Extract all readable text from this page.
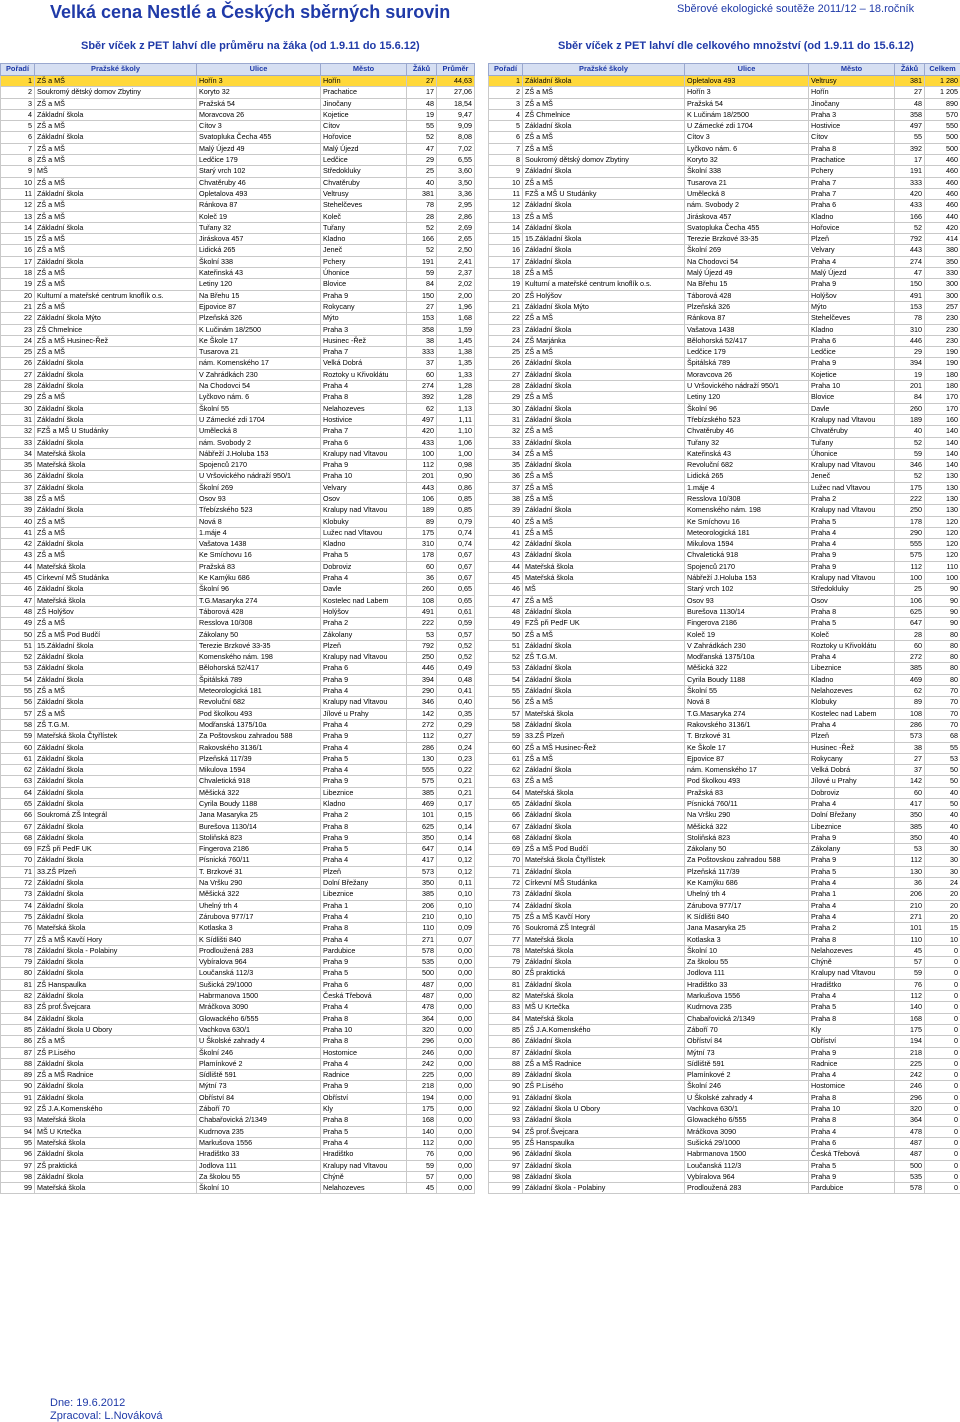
Velká cena Nestlé a Českých sběrných surovin	Sběrové ekologické soutěže 2011/12 – 18.ročník
Sběr víček z PET lahví dle průměru na žáka (od 1.9.11 do 15.6.12)	Sběr víček z PET lahví dle celkového množství (od 1.9.11 do 15.6.12)
Pořadí	Pražské školy	Ulice	Město	Žáků	Průměr
1	ZŠ a MŠ	Hořín 3	Hořín	27	44,63
2	Soukromý dětský domov Zbytiny	Koryto 32	Prachatice	17	27,06
3	ZŠ a MŠ	Pražská 54	Jinočany	48	18,54
4	Základní škola	Moravcova 26	Kojetice	19	9,47
5	ZŠ a MŠ	Cítov 3	Cítov	55	9,09
6	Základní škola	Svatopluka Čecha 455	Hořovice	52	8,08
7	ZŠ a MŠ	Malý Újezd 49	Malý Újezd	47	7,02
8	ZŠ a MŠ	Ledčice 179	Ledčice	29	6,55
9	MŠ	Starý vrch 102	Středokluky	25	3,60
10	ZŠ a MŠ	Chvatěruby 46	Chvatěruby	40	3,50
11	Základní škola	Opletalova 493	Veltrusy	381	3,36
12	ZŠ a MŠ	Ránkova 87	Stehelčeves	78	2,95
13	ZŠ a MŠ	Koleč 19	Koleč	28	2,86
14	Základní škola	Tuřany 32	Tuřany	52	2,69
15	ZŠ a MŠ	Jiráskova 457	Kladno	166	2,65
16	ZŠ a MŠ	Lidická 265	Jeneč	52	2,50
17	Základní škola	Školní 338	Pchery	191	2,41
18	ZŠ a MŠ	Kateřinská 43	Úhonice	59	2,37
19	ZŠ a MŠ	Letiny 120	Blovice	84	2,02
20	Kulturní a mateřské centrum knoflík o.s.	Na Břehu 15	Praha 9	150	2,00
21	ZŠ a MŠ	Ejpovice 87	Rokycany	27	1,96
22	Základní škola Mýto	Plzeňská 326	Mýto	153	1,68
23	ZŠ Chmelnice	K Lučinám 18/2500	Praha 3	358	1,59
24	ZŠ a MŠ Husinec-Řež	Ke Škole 17	Husinec -Řež	38	1,45
25	ZŠ a MŠ	Tusarova 21	Praha 7	333	1,38
26	Základní škola	nám. Komenského 17	Velká Dobrá	37	1,35
27	Základní škola	V Zahrádkách 230	Roztoky u Křivoklátu	60	1,33
28	Základní škola	Na Chodovci 54	Praha 4	274	1,28
29	ZŠ a MŠ	Lyčkovo nám. 6	Praha 8	392	1,28
30	Základní škola	Školní 55	Nelahozeves	62	1,13
31	Základní škola	U Zámecké zdi 1704	Hostivice	497	1,11
32	FZŠ a MŠ U Studánky	Umělecká 8	Praha 7	420	1,10
33	Základní škola	nám. Svobody 2	Praha 6	433	1,06
34	Mateřská škola	Nábřeží J.Holuba 153	Kralupy nad Vltavou	100	1,00
35	Mateřská škola	Spojenců 2170	Praha 9	112	0,98
36	Základní škola	U Vršovického nádraží 950/1	Praha 10	201	0,90
37	Základní škola	Školní 269	Velvary	443	0,86
38	ZŠ a MŠ	Osov 93	Osov	106	0,85
39	Základní škola	Třebízského 523	Kralupy nad Vltavou	189	0,85
40	ZŠ a MŠ	Nová 8	Klobuky	89	0,79
41	ZŠ a MŠ	1.máje 4	Lužec nad Vltavou	175	0,74
42	Základní škola	Vašatova 1438	Kladno	310	0,74
43	ZŠ a MŠ	Ke Smíchovu 16	Praha 5	178	0,67
44	Mateřská škola	Pražská 83	Dobroviz	60	0,67
45	Církevní MŠ Studánka	Ke Kamýku 686	Praha 4	36	0,67
46	Základní škola	Školní 96	Davle	260	0,65
47	Mateřská škola	T.G.Masaryka 274	Kostelec nad Labem	108	0,65
48	ZŠ Holýšov	Táborová 428	Holýšov	491	0,61
49	ZŠ a MŠ	Resslova 10/308	Praha 2	222	0,59
50	ZŠ a MŠ Pod Budčí	Zákolany 50	Zákolany	53	0,57
51	15.Základní škola	Terezie Brzkové 33-35	Plzeň	792	0,52
52	Základní škola	Komenského nám. 198	Kralupy nad Vltavou	250	0,52
53	Základní škola	Bělohorská 52/417	Praha 6	446	0,49
54	Základní škola	Špitálská 789	Praha 9	394	0,48
55	ZŠ a MŠ	Meteorologická 181	Praha 4	290	0,41
56	Základní škola	Revoluční 682	Kralupy nad Vltavou	346	0,40
57	ZŠ a MŠ	Pod školkou 493	Jílové u Prahy	142	0,35
58	ZŠ T.G.M.	Modřanská 1375/10a	Praha 4	272	0,29
59	Mateřská škola Čtyřlístek	Za Poštovskou zahradou 588	Praha 9	112	0,27
60	Základní škola	Rakovského 3136/1	Praha 4	286	0,24
61	Základní škola	Plzeňská 117/39	Praha 5	130	0,23
62	Základní škola	Mikulova 1594	Praha 4	555	0,22
63	Základní škola	Chvaletická 918	Praha 9	575	0,21
64	Základní škola	Měšická 322	Libeznice	385	0,21
65	Základní škola	Cyrila Boudy 1188	Kladno	469	0,17
66	Soukromá ZŠ Integrál	Jana Masaryka 25	Praha 2	101	0,15
67	Základní škola	Burešova 1130/14	Praha 8	625	0,14
68	Základní škola	Stoliňská 823	Praha 9	350	0,14
69	FZŠ při PedF UK	Fingerova 2186	Praha 5	647	0,14
70	Základní škola	Písnická 760/11	Praha 4	417	0,12
71	33.ZŠ Plzeň	T. Brzkové 31	Plzeň	573	0,12
72	Základní škola	Na Vršku 290	Dolní Břežany	350	0,11
73	Základní škola	Měšická 322	Libeznice	385	0,10
74	Základní škola	Uhelný trh 4	Praha 1	206	0,10
75	Základní škola	Zárubova 977/17	Praha 4	210	0,10
76	Mateřská škola	Kotlaska 3	Praha 8	110	0,09
77	ZŠ a MŠ Kavčí Hory	K Sídlišti 840	Praha 4	271	0,07
78	Základní škola - Polabiny	Prodloužená 283	Pardubice	578	0,00
79	Základní škola	Vybíralova 964	Praha 9	535	0,00
80	Základní škola	Loučanská 112/3	Praha 5	500	0,00
81	ZŠ Hanspaulka	Sušická 29/1000	Praha 6	487	0,00
82	Základní škola	Habrmanova 1500	Česká Třebová	487	0,00
83	ZŠ prof.Švejcara	Mráčkova 3090	Praha 4	478	0,00
84	Základní škola	Glowackého 6/555	Praha 8	364	0,00
85	Základní škola U Obory	Vachkova 630/1	Praha 10	320	0,00
86	ZŠ a MŠ	U Školské zahrady 4	Praha 8	296	0,00
87	ZŠ P.Lisého	Školní 246	Hostomice	246	0,00
88	Základní škola	Plamínkové 2	Praha 4	242	0,00
89	ZŠ a MŠ Radnice	Sídliště 591	Radnice	225	0,00
90	Základní škola	Mýtní 73	Praha 9	218	0,00
91	Základní škola	Obříství 84	Obříství	194	0,00
92	ZŠ J.A.Komenského	Záboří 70	Kly	175	0,00
93	Mateřská škola	Chabařovická 2/1349	Praha 8	168	0,00
94	MŠ U Krtečka	Kudrnova 235	Praha 5	140	0,00
95	Mateřská škola	Markušova 1556	Praha 4	112	0,00
96	Základní škola	Hradištko 33	Hradištko	76	0,00
97	ZŠ praktická	Jodlova 111	Kralupy nad Vltavou	59	0,00
98	Základní škola	Za školou 55	Chýně	57	0,00
99	Mateřská škola	Školní 10	Nelahozeves	45	0,00
Pořadí	Pražské školy	Ulice	Město	Žáků	Celkem
1	Základní škola	Opletalova 493	Veltrusy	381	1 280
2	ZŠ a MŠ	Hořín 3	Hořín	27	1 205
3	ZŠ a MŠ	Pražská 54	Jinočany	48	890
4	ZŠ Chmelnice	K Lučinám 18/2500	Praha 3	358	570
5	Základní škola	U Zámecké zdi 1704	Hostivice	497	550
6	ZŠ a MŠ	Cítov 3	Cítov	55	500
7	ZŠ a MŠ	Lyčkovo nám. 6	Praha 8	392	500
8	Soukromý dětský domov Zbytiny	Koryto 32	Prachatice	17	460
9	Základní škola	Školní 338	Pchery	191	460
10	ZŠ a MŠ	Tusarova 21	Praha 7	333	460
11	FZŠ a MŠ U Studánky	Umělecká 8	Praha 7	420	460
12	Základní škola	nám. Svobody 2	Praha 6	433	460
13	ZŠ a MŠ	Jiráskova 457	Kladno	166	440
14	Základní škola	Svatopluka Čecha 455	Hořovice	52	420
15	15.Základní škola	Terezie Brzkové 33-35	Plzeň	792	414
16	Základní škola	Školní 269	Velvary	443	380
17	Základní škola	Na Chodovci 54	Praha 4	274	350
18	ZŠ a MŠ	Malý Újezd 49	Malý Újezd	47	330
19	Kulturní a mateřské centrum knoflík o.s.	Na Břehu 15	Praha 9	150	300
20	ZŠ Holýšov	Táborová 428	Holýšov	491	300
21	Základní škola Mýto	Plzeňská 326	Mýto	153	257
22	ZŠ a MŠ	Ránkova 87	Stehelčeves	78	230
23	Základní škola	Vašatova 1438	Kladno	310	230
24	ZŠ Marjánka	Bělohorská 52/417	Praha 6	446	230
25	ZŠ a MŠ	Ledčice 179	Ledčice	29	190
26	Základní škola	Špitálská 789	Praha 9	394	190
27	Základní škola	Moravcova 26	Kojetice	19	180
28	Základní škola	U Vršovického nádraží 950/1	Praha 10	201	180
29	ZŠ a MŠ	Letiny 120	Blovice	84	170
30	Základní škola	Školní 96	Davle	260	170
31	Základní škola	Třebízského 523	Kralupy nad Vltavou	189	160
32	ZŠ a MŠ	Chvatěruby 46	Chvatěruby	40	140
33	Základní škola	Tuřany 32	Tuřany	52	140
34	ZŠ a MŠ	Kateřinská 43	Úhonice	59	140
35	Základní škola	Revoluční 682	Kralupy nad Vltavou	346	140
36	ZŠ a MŠ	Lidická 265	Jeneč	52	130
37	ZŠ a MŠ	1.máje 4	Lužec nad Vltavou	175	130
38	ZŠ a MŠ	Resslova 10/308	Praha 2	222	130
39	Základní škola	Komenského nám. 198	Kralupy nad Vltavou	250	130
40	ZŠ a MŠ	Ke Smíchovu 16	Praha 5	178	120
41	ZŠ a MŠ	Meteorologická 181	Praha 4	290	120
42	Základní škola	Mikulova 1594	Praha 4	555	120
43	Základní škola	Chvaletická 918	Praha 9	575	120
44	Mateřská škola	Spojenců 2170	Praha 9	112	110
45	Mateřská škola	Nábřeží J.Holuba 153	Kralupy nad Vltavou	100	100
46	MŠ	Starý vrch 102	Středokluky	25	90
47	ZŠ a MŠ	Osov 93	Osov	106	90
48	Základní škola	Burešova 1130/14	Praha 8	625	90
49	FZŠ při PedF UK	Fingerova 2186	Praha 5	647	90
50	ZŠ a MŠ	Koleč 19	Koleč	28	80
51	Základní škola	V Zahrádkách 230	Roztoky u Křivoklátu	60	80
52	ZŠ T.G.M.	Modřanská 1375/10a	Praha 4	272	80
53	Základní škola	Měšická 322	Libeznice	385	80
54	Základní škola	Cyrila Boudy 1188	Kladno	469	80
55	Základní škola	Školní 55	Nelahozeves	62	70
56	ZŠ a MŠ	Nová 8	Klobuky	89	70
57	Mateřská škola	T.G.Masaryka 274	Kostelec nad Labem	108	70
58	Základní škola	Rakovského 3136/1	Praha 4	286	70
59	33.ZŠ Plzeň	T. Brzkové 31	Plzeň	573	68
60	ZŠ a MŠ Husinec-Řež	Ke Škole 17	Husinec -Řež	38	55
61	ZŠ a MŠ	Ejpovice 87	Rokycany	27	53
62	Základní škola	nám. Komenského 17	Velká Dobrá	37	50
63	ZŠ a MŠ	Pod školkou 493	Jílové u Prahy	142	50
64	Mateřská škola	Pražská 83	Dobroviz	60	40
65	Základní škola	Písnická 760/11	Praha 4	417	50
66	Základní škola	Na Vršku 290	Dolní Břežany	350	40
67	Základní škola	Měšická 322	Libeznice	385	40
68	Základní škola	Stoliňská 823	Praha 9	350	40
69	ZŠ a MŠ Pod Budčí	Zákolany 50	Zákolany	53	30
70	Mateřská škola Čtyřlístek	Za Poštovskou zahradou 588	Praha 9	112	30
71	Základní škola	Plzeňská 117/39	Praha 5	130	30
72	Církevní MŠ Studánka	Ke Kamýku 686	Praha 4	36	24
73	Základní škola	Uhelný trh 4	Praha 1	206	20
74	Základní škola	Zárubova 977/17	Praha 4	210	20
75	ZŠ a MŠ Kavčí Hory	K Sídlišti 840	Praha 4	271	20
76	Soukromá ZŠ Integrál	Jana Masaryka 25	Praha 2	101	15
77	Mateřská škola	Kotlaska 3	Praha 8	110	10
78	Mateřská škola	Školní 10	Nelahozeves	45	0
79	Základní škola	Za školou 55	Chýně	57	0
80	ZŠ praktická	Jodlova 111	Kralupy nad Vltavou	59	0
81	Základní škola	Hradištko 33	Hradištko	76	0
82	Mateřská škola	Markušova 1556	Praha 4	112	0
83	MŠ U Krtečka	Kudrnova 235	Praha 5	140	0
84	Mateřská škola	Chabařovická 2/1349	Praha 8	168	0
85	ZŠ J.A.Komenského	Záboří 70	Kly	175	0
86	Základní škola	Obříství 84	Obříství	194	0
87	Základní škola	Mýtní 73	Praha 9	218	0
88	ZŠ a MŠ Radnice	Sídliště 591	Radnice	225	0
89	Základní škola	Plamínkové 2	Praha 4	242	0
90	ZŠ P.Lisého	Školní 246	Hostomice	246	0
91	Základní škola	U Školské zahrady 4	Praha 8	296	0
92	Základní škola U Obory	Vachkova 630/1	Praha 10	320	0
93	Základní škola	Glowackého 6/555	Praha 8	364	0
94	ZŠ prof.Švejcara	Mráčkova 3090	Praha 4	478	0
95	ZŠ Hanspaulka	Sušická 29/1000	Praha 6	487	0
96	Základní škola	Habrmanova 1500	Česká Třebová	487	0
97	Základní škola	Loučanská 112/3	Praha 5	500	0
98	Základní škola	Vybíralova 964	Praha 9	535	0
99	Základní škola - Polabiny	Prodloužená 283	Pardubice	578	0
Dne: 19.6.2012
Zpracoval: L.Nováková
